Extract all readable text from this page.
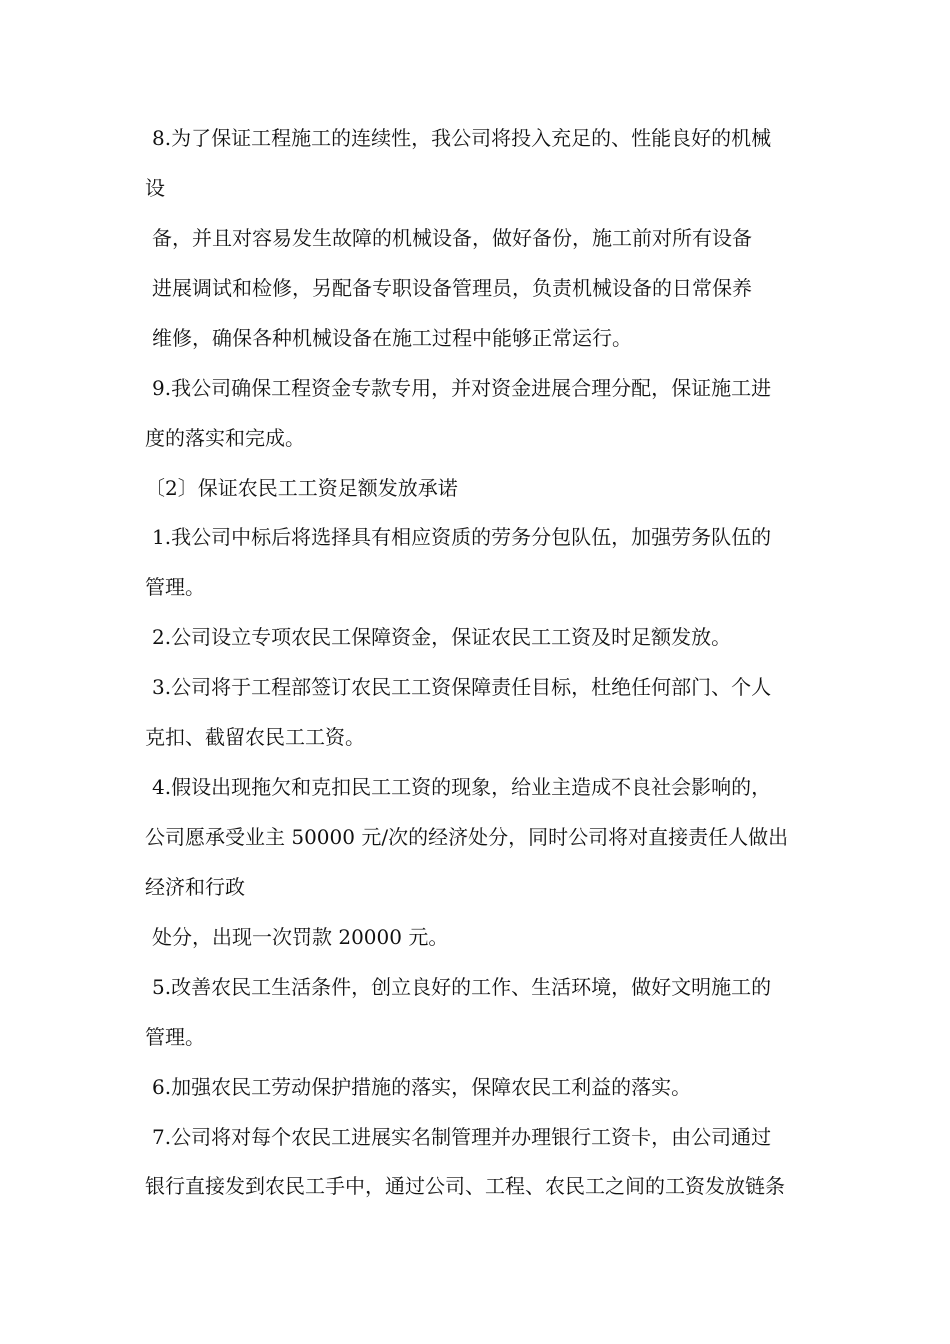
8.为了保证工程施工的连续性，我公司将投入充足的、性能良好的机械
设
备，并且对容易发生故障的机械设备，做好备份，施工前对所有设备
进展调试和检修，另配备专职设备管理员，负责机械设备的日常保养
维修，确保各种机械设备在施工过程中能够正常运行。
9.我公司确保工程资金专款专用，并对资金进展合理分配，保证施工进
度的落实和完成。
〔2〕保证农民工工资足额发放承诺
1.我公司中标后将选择具有相应资质的劳务分包队伍，加强劳务队伍的
管理。
2.公司设立专项农民工保障资金，保证农民工工资及时足额发放。
3.公司将于工程部签订农民工工资保障责任目标，杜绝任何部门、个人
克扣、截留农民工工资。
4.假设出现拖欠和克扣民工工资的现象，给业主造成不良社会影响的，
公司愿承受业主 50000 元/次的经济处分，同时公司将对直接责任人做出
经济和行政
处分，出现一次罚款 20000 元。
5.改善农民工生活条件，创立良好的工作、生活环境，做好文明施工的
管理。
6.加强农民工劳动保护措施的落实，保障农民工利益的落实。
7.公司将对每个农民工进展实名制管理并办理银行工资卡，由公司通过
银行直接发到农民工手中，通过公司、工程、农民工之间的工资发放链条
